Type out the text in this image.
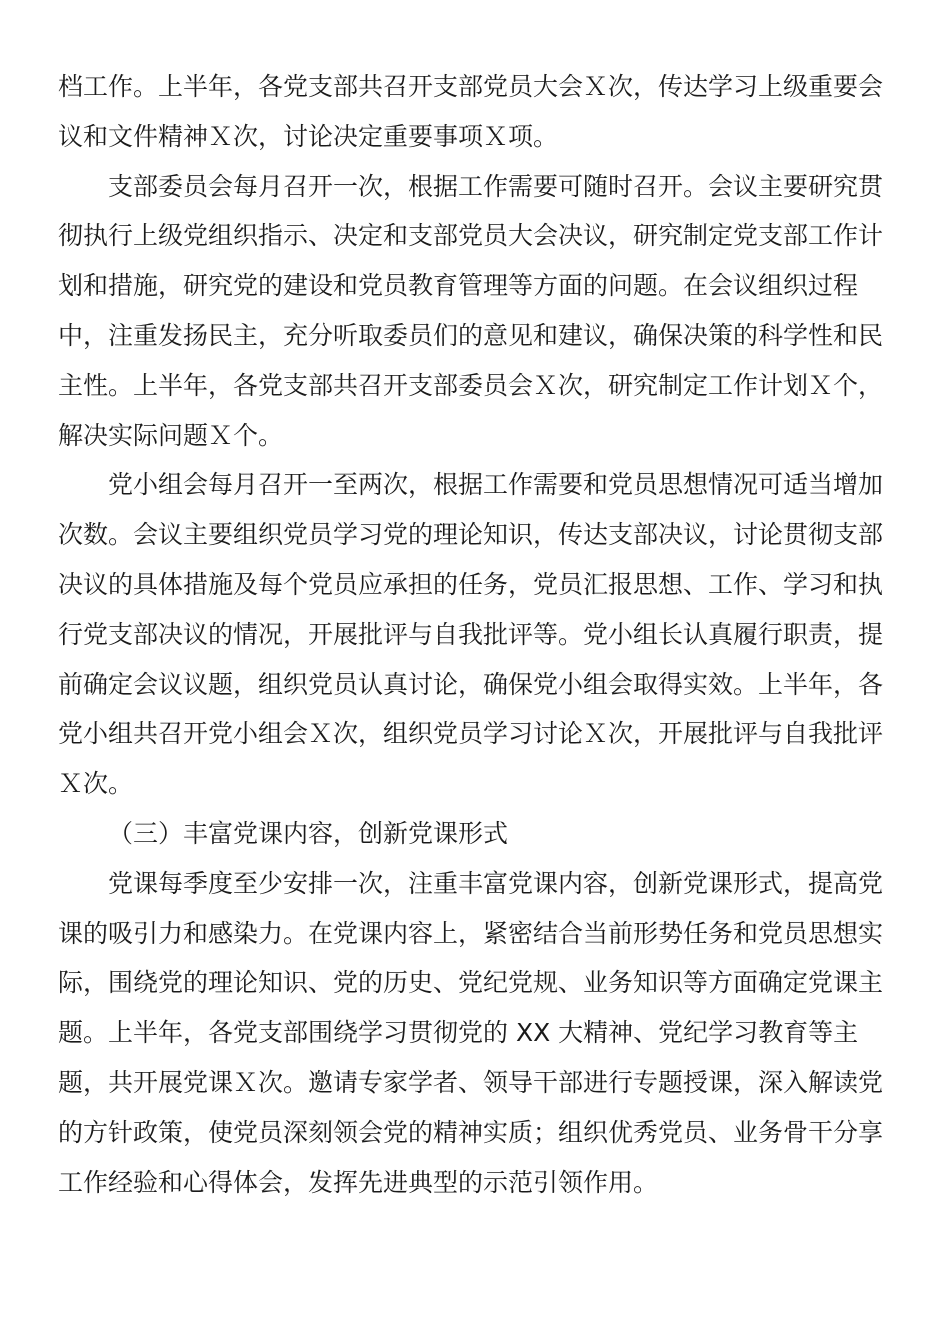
档工作。上半年，各党支部共召开支部党员大会Ｘ次，传达学习上级重要会
议和文件精神Ｘ次，讨论决定重要事项Ｘ项。

支部委员会每月召开一次，根据工作需要可随时召开。会议主要研究贯
彻执行上级党组织指示、决定和支部党员大会决议，研究制定党支部工作计
划和措施，研究党的建设和党员教育管理等方面的问题。在会议组织过程
中，注重发扬民主，充分听取委员们的意见和建议，确保决策的科学性和民
主性。上半年，各党支部共召开支部委员会Ｘ次，研究制定工作计划Ｘ个，
解决实际问题Ｘ个。

党小组会每月召开一至两次，根据工作需要和党员思想情况可适当增加
次数。会议主要组织党员学习党的理论知识，传达支部决议，讨论贯彻支部
决议的具体措施及每个党员应承担的任务，党员汇报思想、工作、学习和执
行党支部决议的情况，开展批评与自我批评等。党小组长认真履行职责，提
前确定会议议题，组织党员认真讨论，确保党小组会取得实效。上半年，各
党小组共召开党小组会Ｘ次，组织党员学习讨论Ｘ次，开展批评与自我批评
Ｘ次。

（三）丰富党课内容，创新党课形式

党课每季度至少安排一次，注重丰富党课内容，创新党课形式，提高党
课的吸引力和感染力。在党课内容上，紧密结合当前形势任务和党员思想实
际，围绕党的理论知识、党的历史、党纪党规、业务知识等方面确定党课主
题。上半年，各党支部围绕学习贯彻党的 XX 大精神、党纪学习教育等主
题，共开展党课Ｘ次。邀请专家学者、领导干部进行专题授课，深入解读党
的方针政策，使党员深刻领会党的精神实质；组织优秀党员、业务骨干分享
工作经验和心得体会，发挥先进典型的示范引领作用。
